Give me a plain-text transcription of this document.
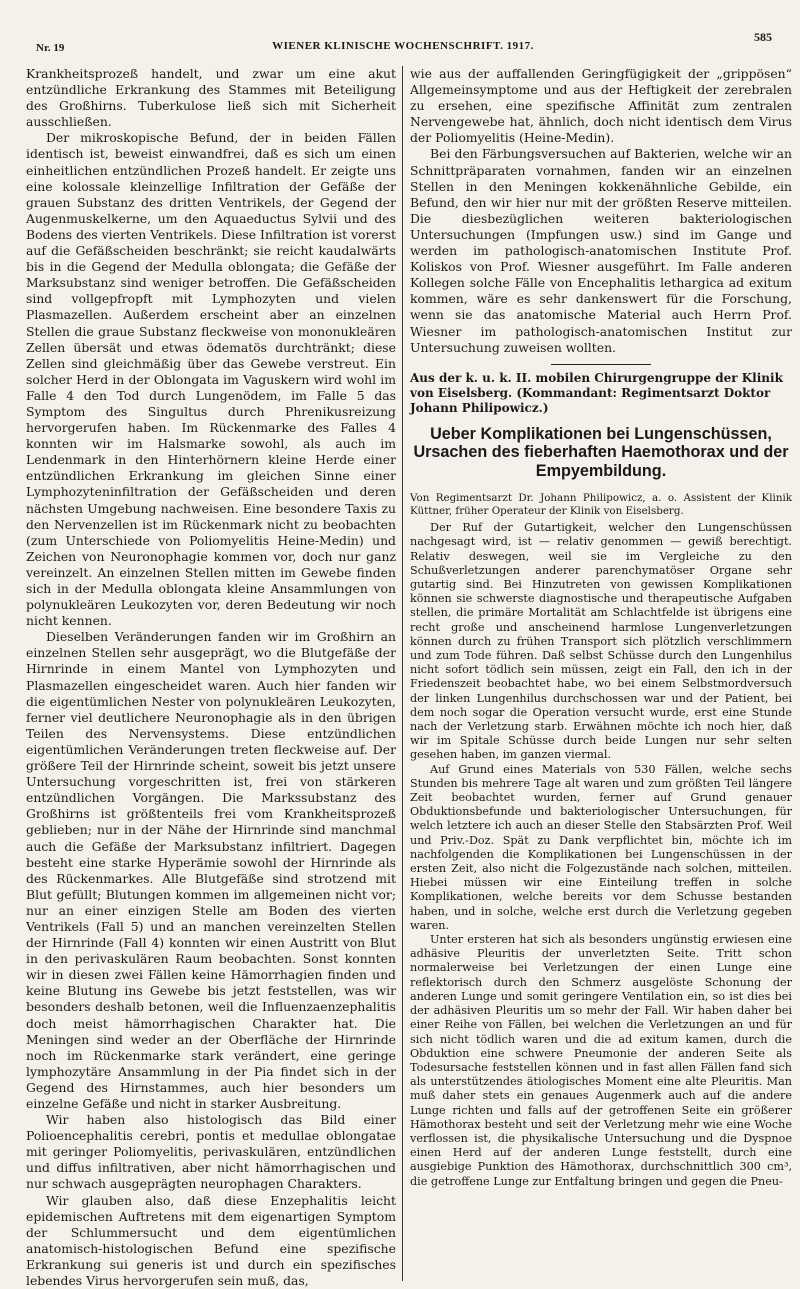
Nr. 19	WIENER KLINISCHE WOCHENSCHRIFT. 1917.
585

Krankheitsprozeß handelt, und zwar um eine akut entzündliche Erkrankung des Stammes mit Beteiligung des Großhirns. Tuberkulose ließ sich mit Sicherheit ausschließen.

Der mikroskopische Befund, der in beiden Fällen identisch ist, beweist einwandfrei, daß es sich um einen einheitlichen entzündlichen Prozeß handelt. Er zeigte uns eine kolossale kleinzellige Infiltration der Gefäße der grauen Substanz des dritten Ventrikels, der Gegend der Augenmuskelkerne, um den Aquaeductus Sylvii und des Bodens des vierten Ventrikels. Diese Infiltration ist vorerst auf die Gefäßscheiden beschränkt; sie reicht kaudalwärts bis in die Gegend der Medulla oblongata; die Gefäße der Marksubstanz sind weniger betroffen. Die Gefäßscheiden sind vollgepfropft mit Lymphozyten und vielen Plasmazellen. Außerdem erscheint aber an einzelnen Stellen die graue Substanz fleckweise von mononukleären Zellen übersät und etwas ödematös durchtränkt; diese Zellen sind gleichmäßig über das Gewebe verstreut. Ein solcher Herd in der Oblongata im Vaguskern wird wohl im Falle 4 den Tod durch Lungenödem, im Falle 5 das Symptom des Singultus durch Phrenikusreizung hervorgerufen haben. Im Rückenmarke des Falles 4 konnten wir im Halsmarke sowohl, als auch im Lendenmark in den Hinterhörnern kleine Herde einer entzündlichen Erkrankung im gleichen Sinne einer Lymphozyteninfiltration der Gefäßscheiden und deren nächsten Umgebung nachweisen. Eine besondere Taxis zu den Nervenzellen ist im Rückenmark nicht zu beobachten (zum Unterschiede von Poliomyelitis Heine-Medin) und Zeichen von Neuronophagie kommen vor, doch nur ganz vereinzelt. An einzelnen Stellen mitten im Gewebe finden sich in der Medulla oblongata kleine Ansammlungen von polynukleären Leukozyten vor, deren Bedeutung wir noch nicht kennen.

Dieselben Veränderungen fanden wir im Großhirn an einzelnen Stellen sehr ausgeprägt, wo die Blutgefäße der Hirnrinde in einem Mantel von Lymphozyten und Plasmazellen eingescheidet waren. Auch hier fanden wir die eigentümlichen Nester von polynukleären Leukozyten, ferner viel deutlichere Neuronophagie als in den übrigen Teilen des Nervensystems. Diese entzündlichen eigentümlichen Veränderungen treten fleckweise auf. Der größere Teil der Hirnrinde scheint, soweit bis jetzt unsere Untersuchung vorgeschritten ist, frei von stärkeren entzündlichen Vorgängen. Die Markssubstanz des Großhirns ist größtenteils frei vom Krankheitsprozeß geblieben; nur in der Nähe der Hirnrinde sind manchmal auch die Gefäße der Marksubstanz infiltriert. Dagegen besteht eine starke Hyperämie sowohl der Hirnrinde als des Rückenmarkes. Alle Blutgefäße sind strotzend mit Blut gefüllt; Blutungen kommen im allgemeinen nicht vor; nur an einer einzigen Stelle am Boden des vierten Ventrikels (Fall 5) und an manchen vereinzelten Stellen der Hirnrinde (Fall 4) konnten wir einen Austritt von Blut in den perivaskulären Raum beobachten. Sonst konnten wir in diesen zwei Fällen keine Hämorrhagien finden und keine Blutung ins Gewebe bis jetzt feststellen, was wir besonders deshalb betonen, weil die Influenzaenzephalitis doch meist hämorrhagischen Charakter hat. Die Meningen sind weder an der Oberfläche der Hirnrinde noch im Rückenmarke stark verändert, eine geringe lymphozytäre Ansammlung in der Pia findet sich in der Gegend des Hirnstammes, auch hier besonders um einzelne Gefäße und nicht in starker Ausbreitung.

Wir haben also histologisch das Bild einer Polioencephalitis cerebri, pontis et medullae oblongatae mit geringer Poliomyelitis, perivaskulären, entzündlichen und diffus infiltrativen, aber nicht hämorrhagischen und nur schwach ausgeprägten neurophagen Charakters.

Wir glauben also, daß diese Enzephalitis leicht epidemischen Auftretens mit dem eigenartigen Symptom der Schlummersucht und dem eigentümlichen anatomisch-histologischen Befund eine spezifische Erkrankung sui generis ist und durch ein spezifisches lebendes Virus hervorgerufen sein muß, das,

wie aus der auffallenden Geringfügigkeit der „grippösen“ Allgemeinsymptome und aus der Heftigkeit der zerebralen zu ersehen, eine spezifische Affinität zum zentralen Nervengewebe hat, ähnlich, doch nicht identisch dem Virus der Poliomyelitis (Heine-Medin).

Bei den Färbungsversuchen auf Bakterien, welche wir an Schnittpräparaten vornahmen, fanden wir an einzelnen Stellen in den Meningen kokkenähnliche Gebilde, ein Befund, den wir hier nur mit der größten Reserve mitteilen. Die diesbezüglichen weiteren bakteriologischen Untersuchungen (Impfungen usw.) sind im Gange und werden im pathologisch-anatomischen Institute Prof. Koliskos von Prof. Wiesner ausgeführt. Im Falle anderen Kollegen solche Fälle von Encephalitis lethargica ad exitum kommen, wäre es sehr dankenswert für die Forschung, wenn sie das anatomische Material auch Herrn Prof. Wiesner im pathologisch-anatomischen Institut zur Untersuchung zuweisen wollten.

Aus der k. u. k. II. mobilen Chirurgengruppe der Klinik von Eiselsberg. (Kommandant: Regimentsarzt Doktor Johann Philipowicz.)
Ueber Komplikationen bei Lungenschüssen, Ursachen des fieberhaften Haemothorax und der Empyembildung.
Von Regimentsarzt Dr. Johann Philipowicz, a. o. Assistent der Klinik Küttner, früher Operateur der Klinik von Eiselsberg.

Der Ruf der Gutartigkeit, welcher den Lungenschüssen nachgesagt wird, ist — relativ genommen — gewiß berechtigt. Relativ deswegen, weil sie im Vergleiche zu den Schußverletzungen anderer parenchymatöser Organe sehr gutartig sind. Bei Hinzutreten von gewissen Komplikationen können sie schwerste diagnostische und therapeutische Aufgaben stellen, die primäre Mortalität am Schlachtfelde ist übrigens eine recht große und anscheinend harmlose Lungenverletzungen können durch zu frühen Transport sich plötzlich verschlimmern und zum Tode führen. Daß selbst Schüsse durch den Lungenhilus nicht sofort tödlich sein müssen, zeigt ein Fall, den ich in der Friedenszeit beobachtet habe, wo bei einem Selbstmordversuch der linken Lungenhilus durchschossen war und der Patient, bei dem noch sogar die Operation versucht wurde, erst eine Stunde nach der Verletzung starb. Erwähnen möchte ich noch hier, daß wir im Spitale Schüsse durch beide Lungen nur sehr selten gesehen haben, im ganzen viermal.

Auf Grund eines Materials von 530 Fällen, welche sechs Stunden bis mehrere Tage alt waren und zum größten Teil längere Zeit beobachtet wurden, ferner auf Grund genauer Obduktionsbefunde und bakteriologischer Untersuchungen, für welch letztere ich auch an dieser Stelle den Stabsärzten Prof. Weil und Priv.-Doz. Spät zu Dank verpflichtet bin, möchte ich im nachfolgenden die Komplikationen bei Lungenschüssen in der ersten Zeit, also nicht die Folgezustände nach solchen, mitteilen. Hiebei müssen wir eine Einteilung treffen in solche Komplikationen, welche bereits vor dem Schusse bestanden haben, und in solche, welche erst durch die Verletzung gegeben waren.

Unter ersteren hat sich als besonders ungünstig erwiesen eine adhäsive Pleuritis der unverletzten Seite. Tritt schon normalerweise bei Verletzungen der einen Lunge eine reflektorisch durch den Schmerz ausgelöste Schonung der anderen Lunge und somit geringere Ventilation ein, so ist dies bei der adhäsiven Pleuritis um so mehr der Fall. Wir haben daher bei einer Reihe von Fällen, bei welchen die Verletzungen an und für sich nicht tödlich waren und die ad exitum kamen, durch die Obduktion eine schwere Pneumonie der anderen Seite als Todesursache feststellen können und in fast allen Fällen fand sich als unterstützendes ätiologisches Moment eine alte Pleuritis. Man muß daher stets ein genaues Augenmerk auch auf die andere Lunge richten und falls auf der getroffenen Seite ein größerer Hämothorax besteht und seit der Verletzung mehr wie eine Woche verflossen ist, die physikalische Untersuchung und die Dyspnoe einen Herd auf der anderen Lunge feststellt, durch eine ausgiebige Punktion des Hämothorax, durchschnittlich 300 cm³, die getroffene Lunge zur Entfaltung bringen und gegen die Pneu-
